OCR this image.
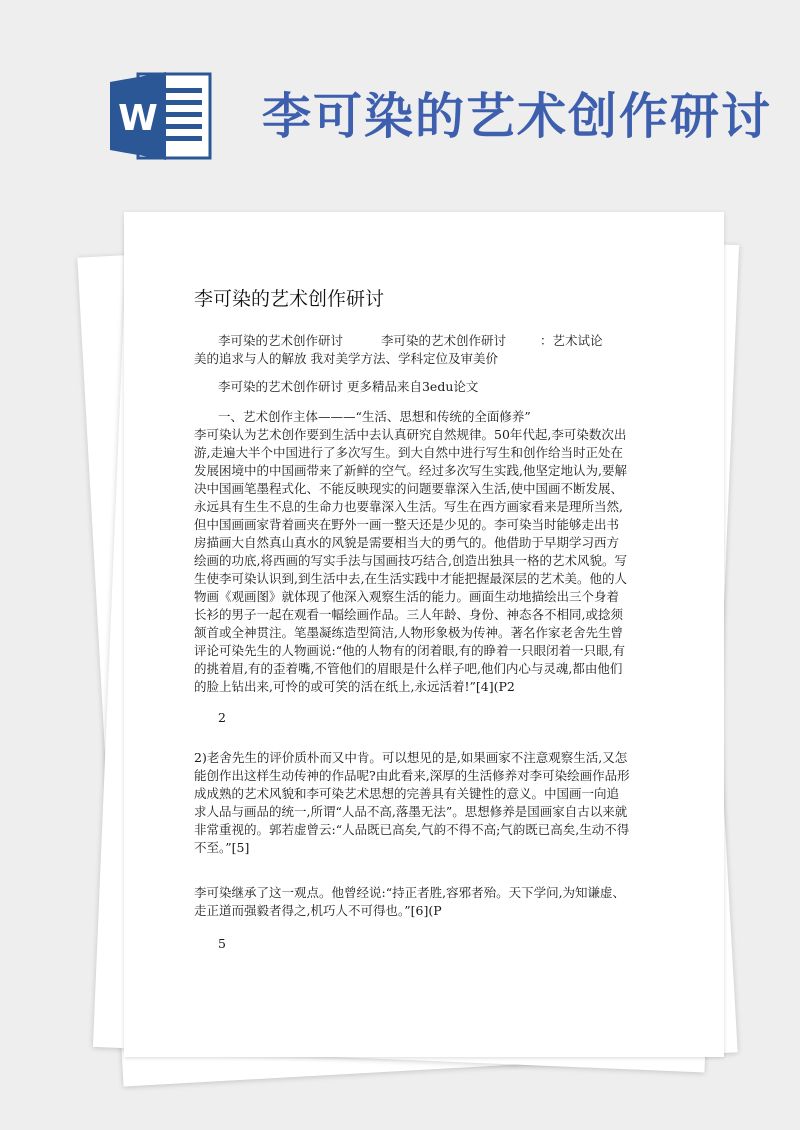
W 李可染的艺术创作研讨
李可染的艺术创作研讨
李可染的艺术创作研讨	李可染的艺术创作研讨	：艺术试论
美的追求与人的解放 我对美学方法、学科定位及审美价
李可染的艺术创作研讨 更多精品来自3edu论文
一、艺术创作主体———“生活、思想和传统的全面修养”
李可染认为艺术创作要到生活中去认真研究自然规律。50年代起,李可染数次出
游,走遍大半个中国进行了多次写生。到大自然中进行写生和创作给当时正处在
发展困境中的中国画带来了新鲜的空气。经过多次写生实践,他坚定地认为,要解
决中国画笔墨程式化、不能反映现实的问题要靠深入生活,使中国画不断发展、
永远具有生生不息的生命力也要靠深入生活。写生在西方画家看来是理所当然,
但中国画画家背着画夹在野外一画一整天还是少见的。李可染当时能够走出书
房描画大自然真山真水的风貌是需要相当大的勇气的。他借助于早期学习西方
绘画的功底,将西画的写实手法与国画技巧结合,创造出独具一格的艺术风貌。写
生使李可染认识到,到生活中去,在生活实践中才能把握最深层的艺术美。他的人
物画《观画图》就体现了他深入观察生活的能力。画面生动地描绘出三个身着
长衫的男子一起在观看一幅绘画作品。三人年龄、身份、神态各不相同,或捻须
颔首或全神贯注。笔墨凝练造型简洁,人物形象极为传神。著名作家老舍先生曾
评论可染先生的人物画说:“他的人物有的闭着眼,有的睁着一只眼闭着一只眼,有
的挑着眉,有的歪着嘴,不管他们的眉眼是什么样子吧,他们内心与灵魂,都由他们
的脸上钻出来,可怜的或可笑的活在纸上,永远活着!”[4](P2
2
2)老舍先生的评价质朴而又中肯。可以想见的是,如果画家不注意观察生活,又怎
能创作出这样生动传神的作品呢?由此看来,深厚的生活修养对李可染绘画作品形
成成熟的艺术风貌和李可染艺术思想的完善具有关键性的意义。中国画一向追
求人品与画品的统一,所谓“人品不高,落墨无法”。思想修养是国画家自古以来就
非常重视的。郭若虚曾云:“人品既已高矣,气韵不得不高;气韵既已高矣,生动不得
不至。”[5]
李可染继承了这一观点。他曾经说:“持正者胜,容邪者殆。天下学问,为知谦虚、
走正道而强毅者得之,机巧人不可得也。”[6](P
5
